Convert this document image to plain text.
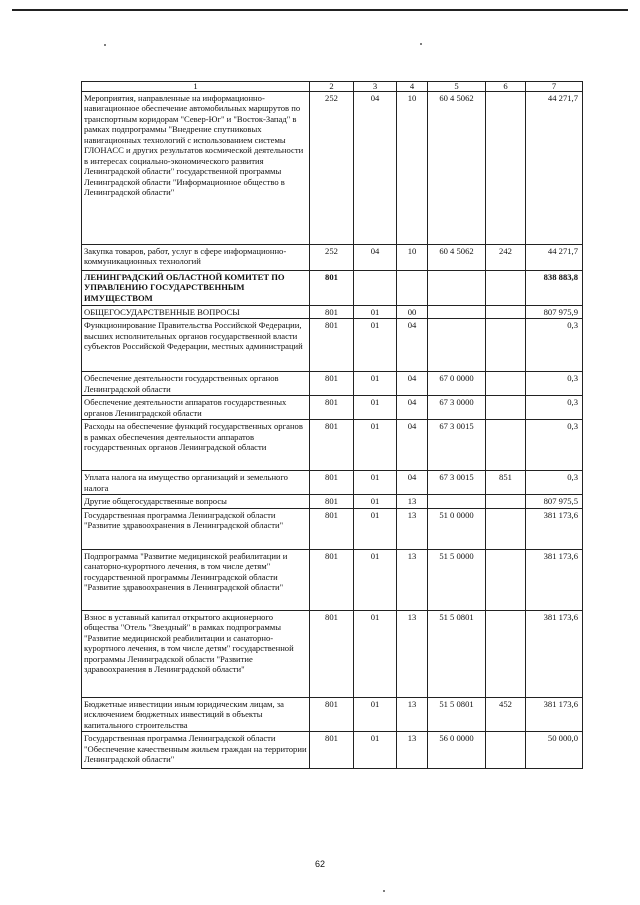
1	2	3	4	5	6	7
Мероприятия, направленные на информационно-навигационное обеспечение автомобильных маршрутов по транспортным коридорам "Север-Юг" и "Восток-Запад" в рамках подпрограммы "Внедрение спутниковых навигационных технологий с использованием системы ГЛОНАСС и других результатов космической деятельности в интересах социально-экономического развития Ленинградской области" государственной программы Ленинградской области "Информационное общество в Ленинградской области"	252	04	10	60 4 5062		44 271,7
Закупка товаров, работ, услуг в сфере информационно-коммуникационных технологий	252	04	10	60 4 5062	242	44 271,7
ЛЕНИНГРАДСКИЙ ОБЛАСТНОЙ КОМИТЕТ ПО УПРАВЛЕНИЮ ГОСУДАРСТВЕННЫМ ИМУЩЕСТВОМ	801					838 883,8
ОБЩЕГОСУДАРСТВЕННЫЕ ВОПРОСЫ	801	01	00			807 975,9
Функционирование Правительства Российской Федерации, высших исполнительных органов государственной власти субъектов Российской Федерации, местных администраций	801	01	04			0,3
Обеспечение деятельности государственных органов Ленинградской области	801	01	04	67 0 0000		0,3
Обеспечение деятельности аппаратов государственных органов Ленинградской области	801	01	04	67 3 0000		0,3
Расходы на обеспечение функций государственных органов в рамках обеспечения деятельности аппаратов государственных органов Ленинградской области	801	01	04	67 3 0015		0,3
Уплата налога на имущество организаций и земельного налога	801	01	04	67 3 0015	851	0,3
Другие общегосударственные вопросы	801	01	13			807 975,5
Государственная программа Ленинградской области "Развитие здравоохранения в Ленинградской области"	801	01	13	51 0 0000		381 173,6
Подпрограмма "Развитие медицинской реабилитации и санаторно-курортного лечения, в том числе детям" государственной программы Ленинградской области "Развитие здравоохранения в Ленинградской области"	801	01	13	51 5 0000		381 173,6
Взнос в уставный капитал открытого акционерного общества "Отель "Звездный" в рамках подпрограммы "Развитие медицинской реабилитации и санаторно-курортного лечения, в том числе детям" государственной программы Ленинградской области "Развитие здравоохранения в Ленинградской области"	801	01	13	51 5 0801		381 173,6
Бюджетные инвестиции иным юридическим лицам, за исключением бюджетных инвестиций в объекты капитального строительства	801	01	13	51 5 0801	452	381 173,6
Государственная программа Ленинградской области "Обеспечение качественным жильем граждан на территории Ленинградской области"	801	01	13	56 0 0000		50 000,0
62
